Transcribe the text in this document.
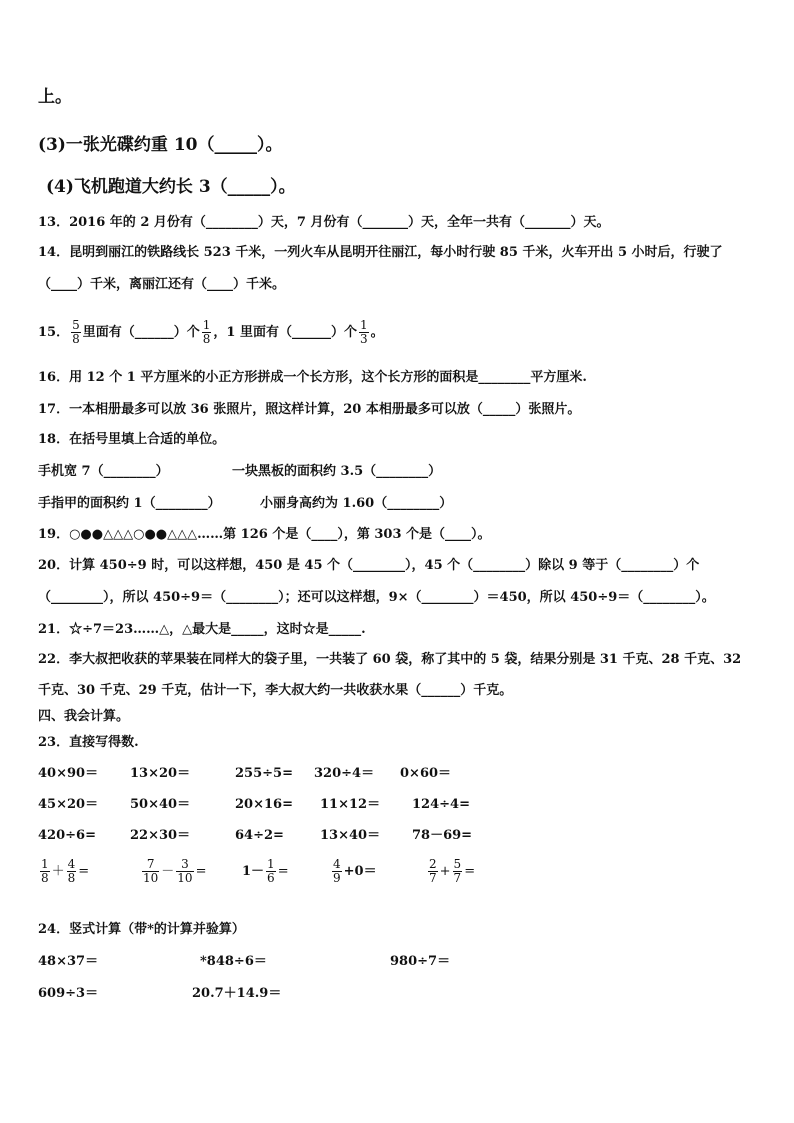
上。
(3)一张光碟约重 10（_____）。
(4)飞机跑道大约长 3（_____）。
13．2016 年的 2 月份有（________）天，7 月份有（_______）天，全年一共有（_______）天。
14．昆明到丽江的铁路线长 523 千米，一列火车从昆明开往丽江，每小时行驶 85 千米，火车开出 5 小时后，行驶了
（____）千米，离丽江还有（____）千米。
15． $\frac{5}{8}$ 里面有（______）个 $\frac{1}{8}$ ，1 里面有（______）个 $\frac{1}{3}$ 。
16．用 12 个 1 平方厘米的小正方形拼成一个长方形，这个长方形的面积是________平方厘米.
17．一本相册最多可以放 36 张照片，照这样计算，20 本相册最多可以放（_____）张照片。
18．在括号里填上合适的单位。
手机宽 7（________）	一块黑板的面积约 3.5（________）
手指甲的面积约 1（________）	小丽身高约为 1.60（________）
19．○●●△△△○●●△△△……第 126 个是（____），第 303 个是（____）。
20．计算 450÷9 时，可以这样想，450 是 45 个（________），45 个（________）除以 9 等于（________）个
（________），所以 450÷9＝（________）；还可以这样想，9×（________）＝450，所以 450÷9＝（________）。
21．☆÷7＝23……△，△最大是_____，这时☆是_____.
22．李大叔把收获的苹果装在同样大的袋子里，一共装了 60 袋，称了其中的 5 袋，结果分别是 31 千克、28 千克、32
千克、30 千克、29 千克，估计一下，李大叔大约一共收获水果（______）千克。
四、我会计算。
23．直接写得数.
40×90＝ 13×20＝	255÷5= 320÷4＝ 0×60＝
45×20＝ 50×40＝	20×16= 11×12＝ 124÷4=
420÷6=	22×30＝	64÷2=	13×40＝ 78－69=
$\frac{1}{8} + \frac{4}{8}$ =	$\frac{7}{10} - \frac{3}{10}$ =	$1- \frac{1}{6}$ =	$\frac{4}{9} +0=$	$\frac{2}{7} + \frac{5}{7}$ =
24．竖式计算（带*的计算并验算）
48×37＝	*848÷6＝	980÷7＝
609÷3＝	20.7＋14.9＝
